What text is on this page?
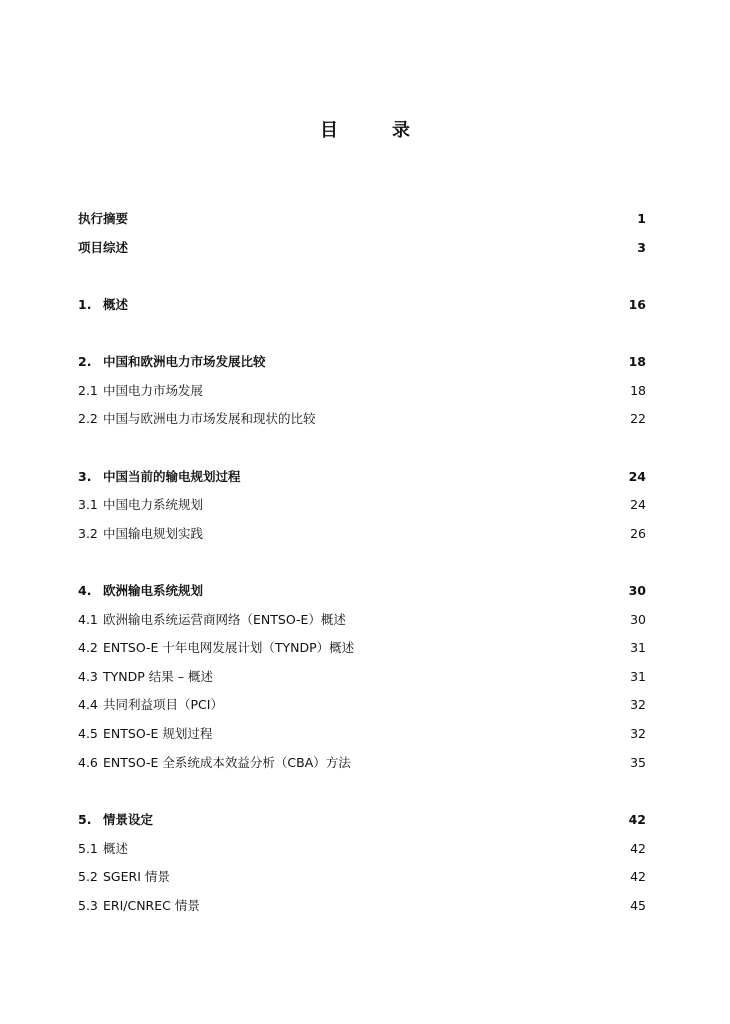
目　录
执行摘要	1
项目综述	3
1. 概述	16
2. 中国和欧洲电力市场发展比较	18
2.1 中国电力市场发展	18
2.2 中国与欧洲电力市场发展和现状的比较	22
3. 中国当前的输电规划过程	24
3.1 中国电力系统规划	24
3.2 中国输电规划实践	26
4. 欧洲输电系统规划	30
4.1 欧洲输电系统运营商网络（ENTSO-E）概述	30
4.2 ENTSO-E 十年电网发展计划（TYNDP）概述	31
4.3 TYNDP 结果 – 概述	31
4.4 共同利益项目（PCI）	32
4.5 ENTSO-E 规划过程	32
4.6 ENTSO-E 全系统成本效益分析（CBA）方法	35
5. 情景设定	42
5.1 概述	42
5.2 SGERI 情景	42
5.3 ERI/CNREC 情景	45
